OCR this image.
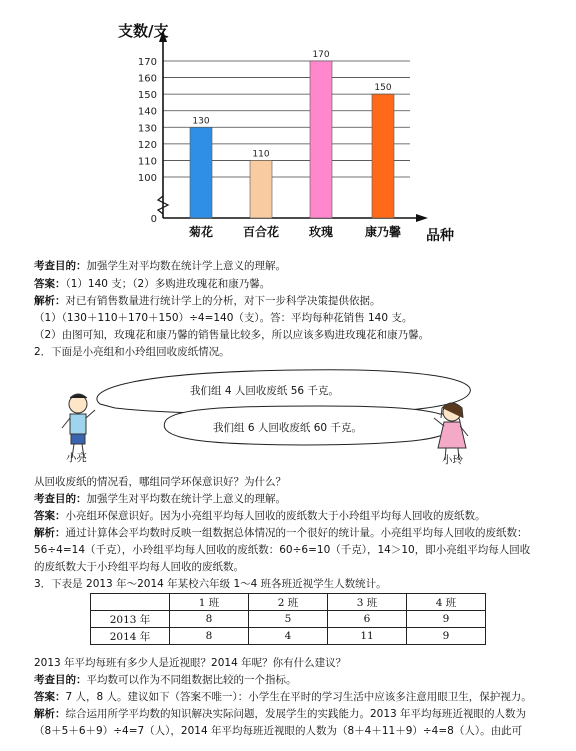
0
100
110
120
130
140
150
160
170
支数/支
品种
130
菊花
110
百合花
170
玫瑰
150
康乃馨
考查目的：加强学生对平均数在统计学上意义的理解。
答案：（1）140 支；（2）多购进玫瑰花和康乃馨。
解析：对已有销售数量进行统计学上的分析，对下一步科学决策提供依据。
（1）（130＋110＋170＋150）÷4=140（支）。答：平均每种花销售 140 支。
（2）由图可知，玫瑰花和康乃馨的销售量比较多，所以应该多购进玫瑰花和康乃馨。
2．下面是小亮组和小玲组回收废纸情况。
我们组 4 人回收废纸 56 千克。
我们组 6 人回收废纸 60 千克。
小亮	小玲
从回收废纸的情况看，哪组同学环保意识好？为什么？
考查目的：加强学生对平均数在统计学上意义的理解。
答案：小亮组环保意识好。因为小亮组平均每人回收的废纸数大于小玲组平均每人回收的废纸数。
解析：通过计算体会平均数时反映一组数据总体情况的一个很好的统计量。小亮组平均每人回收的废纸数：
56÷4=14（千克），小玲组平均每人回收的废纸数：60÷6=10（千克），14＞10，即小亮组平均每人回收
的废纸数大于小玲组平均每人回收的废纸数。
3．下表是 2013 年～2014 年某校六年级 1～4 班各班近视学生人数统计。
	1 班	2 班	3 班	4 班
2013 年	8	5	6	9
2014 年	8	4	11	9
2013 年平均每班有多少人是近视眼？2014 年呢？你有什么建议？
考查目的：平均数可以作为不同组数据比较的一个指标。
答案：7 人，8 人。建议如下（答案不唯一）：小学生在平时的学习生活中应该多注意用眼卫生，保护视力。
解析：综合运用所学平均数的知识解决实际问题，发展学生的实践能力。2013 年平均每班近视眼的人数为
（8＋5＋6＋9）÷4=7（人），2014 年平均每班近视眼的人数为（8＋4＋11＋9）÷4=8（人）。由此可
